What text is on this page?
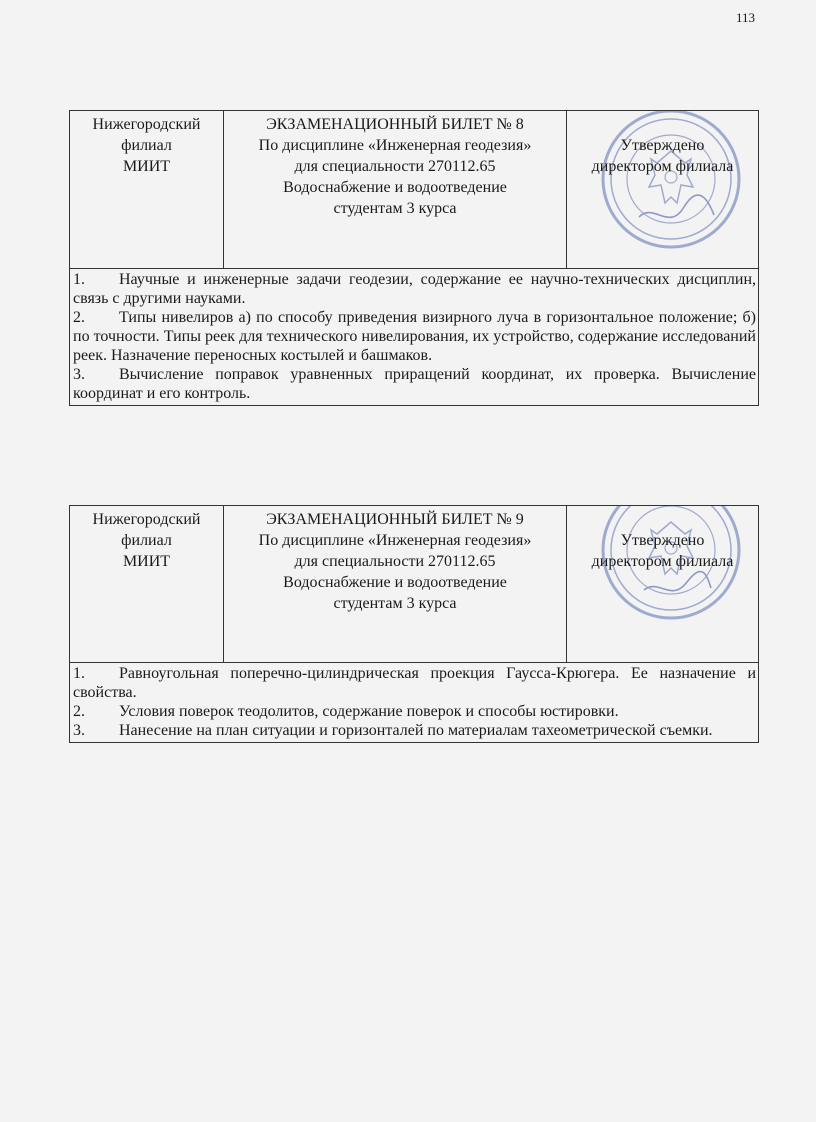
113
Нижегородский
филиал
МИИТ
ЭКЗАМЕНАЦИОННЫЙ БИЛЕТ № 8
По дисциплине «Инженерная геодезия»
для специальности 270112.65
Водоснабжение и водоотведение
студентам 3 курса
Утверждено
директором филиала

1. Научные и инженерные задачи геодезии, содержание ее научно-технических дисциплин, связь с другими науками.

2. Типы нивелиров а) по способу приведения визирного луча в горизонтальное положение; б) по точности. Типы реек для технического нивелирования, их устройство, содержание исследований реек. Назначение переносных костылей и башмаков.

3. Вычисление поправок уравненных приращений координат, их проверка. Вычисление координат и его контроль.

Нижегородский
филиал
МИИТ
ЭКЗАМЕНАЦИОННЫЙ БИЛЕТ № 9
По дисциплине «Инженерная геодезия»
для специальности 270112.65
Водоснабжение и водоотведение
студентам 3 курса
Утверждено
директором филиала

1. Равноугольная поперечно-цилиндрическая проекция Гаусса-Крюгера. Ее назначение и свойства.

2. Условия поверок теодолитов, содержание поверок и способы юстировки.

3. Нанесение на план ситуации и горизонталей по материалам тахеометрической съемки.
